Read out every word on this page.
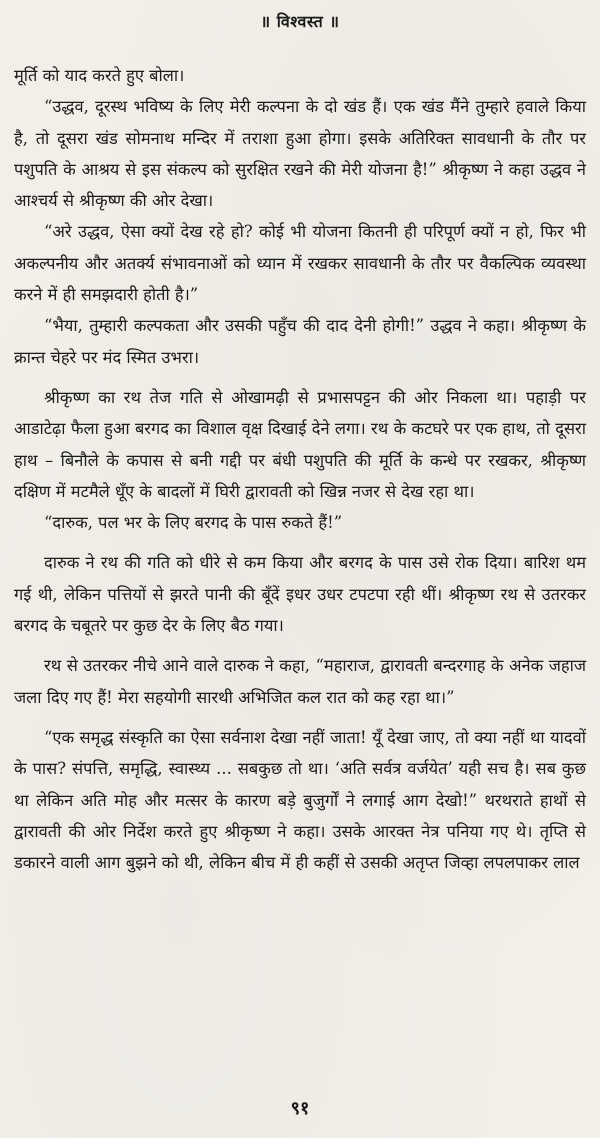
॥ विश्वस्त ॥

मूर्ति को याद करते हुए बोला।

“उद्धव, दूरस्थ भविष्य के लिए मेरी कल्पना के दो खंड हैं। एक खंड मैंने तुम्हारे हवाले किया है, तो दूसरा खंड सोमनाथ मन्दिर में तराशा हुआ होगा। इसके अतिरिक्त सावधानी के तौर पर पशुपति के आश्रय से इस संकल्प को सुरक्षित रखने की मेरी योजना है!” श्रीकृष्ण ने कहा उद्धव ने आश्चर्य से श्रीकृष्ण की ओर देखा।

“अरे उद्धव, ऐसा क्यों देख रहे हो? कोई भी योजना कितनी ही परिपूर्ण क्यों न हो, फिर भी अकल्पनीय और अतर्क्य संभावनाओं को ध्यान में रखकर सावधानी के तौर पर वैकल्पिक व्यवस्था करने में ही समझदारी होती है।”

“भैया, तुम्हारी कल्पकता और उसकी पहुँच की दाद देनी होगी!” उद्धव ने कहा। श्रीकृष्ण के क्रान्त चेहरे पर मंद स्मित उभरा।

श्रीकृष्ण का रथ तेज गति से ओखामढ़ी से प्रभासपट्टन की ओर निकला था। पहाड़ी पर आडाटेढ़ा फैला हुआ बरगद का विशाल वृक्ष दिखाई देने लगा। रथ के कटघरे पर एक हाथ, तो दूसरा हाथ – बिनौले के कपास से बनी गद्दी पर बंधी पशुपति की मूर्ति के कन्धे पर रखकर, श्रीकृष्ण दक्षिण में मटमैले धूँए के बादलों में घिरी द्वारावती को खिन्न नजर से देख रहा था।

“दारुक, पल भर के लिए बरगद के पास रुकते हैं!”

दारुक ने रथ की गति को धीरे से कम किया और बरगद के पास उसे रोक दिया। बारिश थम गई थी, लेकिन पत्तियों से झरते पानी की बूँदें इधर उधर टपटपा रही थीं। श्रीकृष्ण रथ से उतरकर बरगद के चबूतरे पर कुछ देर के लिए बैठ गया।

रथ से उतरकर नीचे आने वाले दारुक ने कहा, “महाराज, द्वारावती बन्दरगाह के अनेक जहाज जला दिए गए हैं! मेरा सहयोगी सारथी अभिजित कल रात को कह रहा था।”

“एक समृद्ध संस्कृति का ऐसा सर्वनाश देखा नहीं जाता! यूँ देखा जाए, तो क्या नहीं था यादवों के पास? संपत्ति, समृद्धि, स्वास्थ्य ... सबकुछ तो था। ‘अति सर्वत्र वर्जयेत’ यही सच है। सब कुछ था लेकिन अति मोह और मत्सर के कारण बड़े बुजुर्गों ने लगाई आग देखो!” थरथराते हाथों से द्वारावती की ओर निर्देश करते हुए श्रीकृष्ण ने कहा। उसके आरक्त नेत्र पनिया गए थे। तृप्ति से डकारने वाली आग बुझने को थी, लेकिन बीच में ही कहीं से उसकी अतृप्त जिव्हा लपलपाकर लाल

९१
